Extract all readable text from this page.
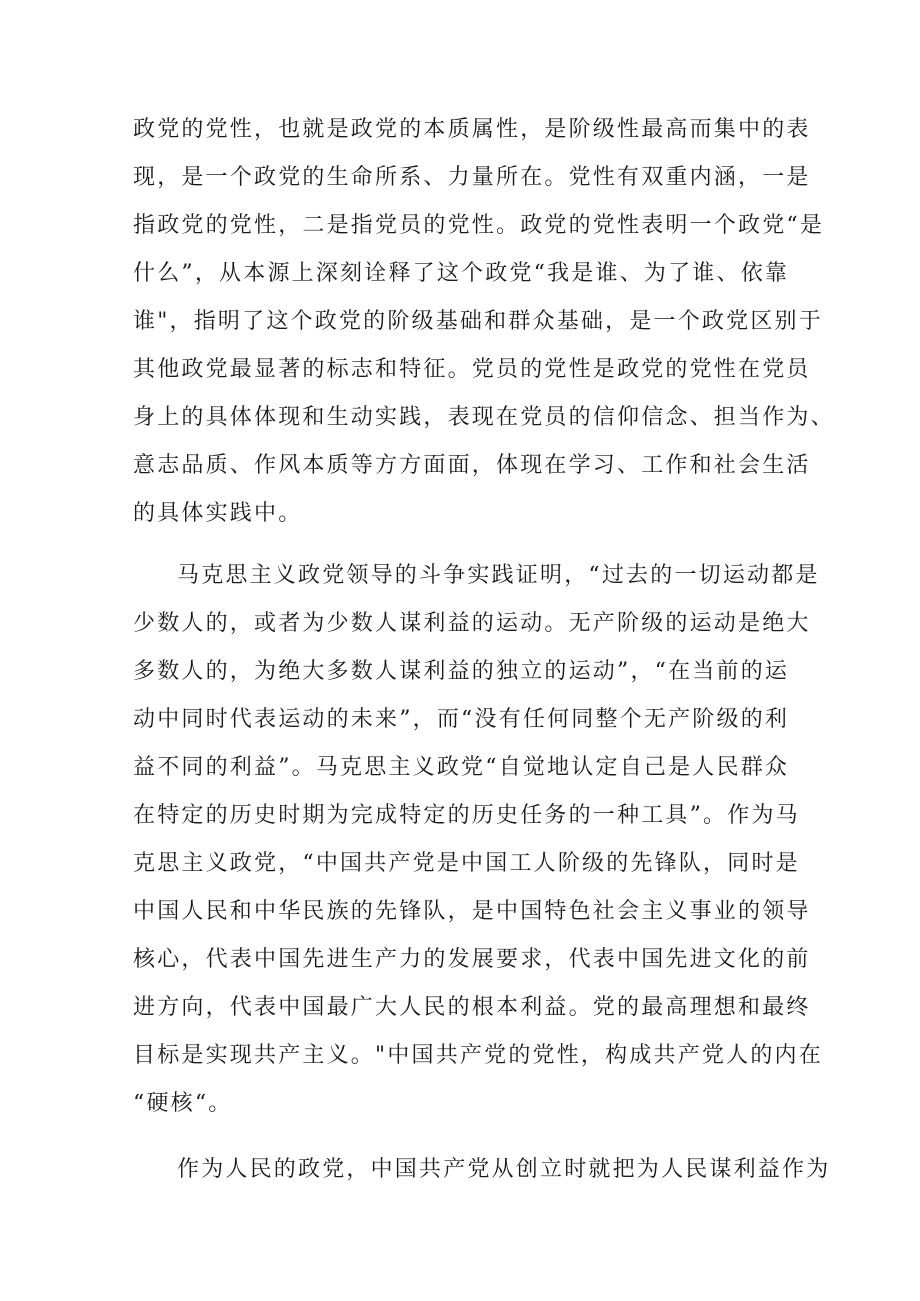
政党的党性，也就是政党的本质属性，是阶级性最高而集中的表
现，是一个政党的生命所系、力量所在。党性有双重内涵，一是
指政党的党性，二是指党员的党性。政党的党性表明一个政党“是
什么”，从本源上深刻诠释了这个政党“我是谁、为了谁、依靠
谁"，指明了这个政党的阶级基础和群众基础，是一个政党区别于
其他政党最显著的标志和特征。党员的党性是政党的党性在党员
身上的具体体现和生动实践，表现在党员的信仰信念、担当作为、
意志品质、作风本质等方方面面，体现在学习、工作和社会生活
的具体实践中。
马克思主义政党领导的斗争实践证明，“过去的一切运动都是
少数人的，或者为少数人谋利益的运动。无产阶级的运动是绝大
多数人的，为绝大多数人谋利益的独立的运动”，“在当前的运
动中同时代表运动的未来”，而“没有任何同整个无产阶级的利
益不同的利益”。马克思主义政党“自觉地认定自己是人民群众
在特定的历史时期为完成特定的历史任务的一种工具”。作为马
克思主义政党，“中国共产党是中国工人阶级的先锋队，同时是
中国人民和中华民族的先锋队，是中国特色社会主义事业的领导
核心，代表中国先进生产力的发展要求，代表中国先进文化的前
进方向，代表中国最广大人民的根本利益。党的最高理想和最终
目标是实现共产主义。"中国共产党的党性，构成共产党人的内在
“硬核“。
作为人民的政党，中国共产党从创立时就把为人民谋利益作为
